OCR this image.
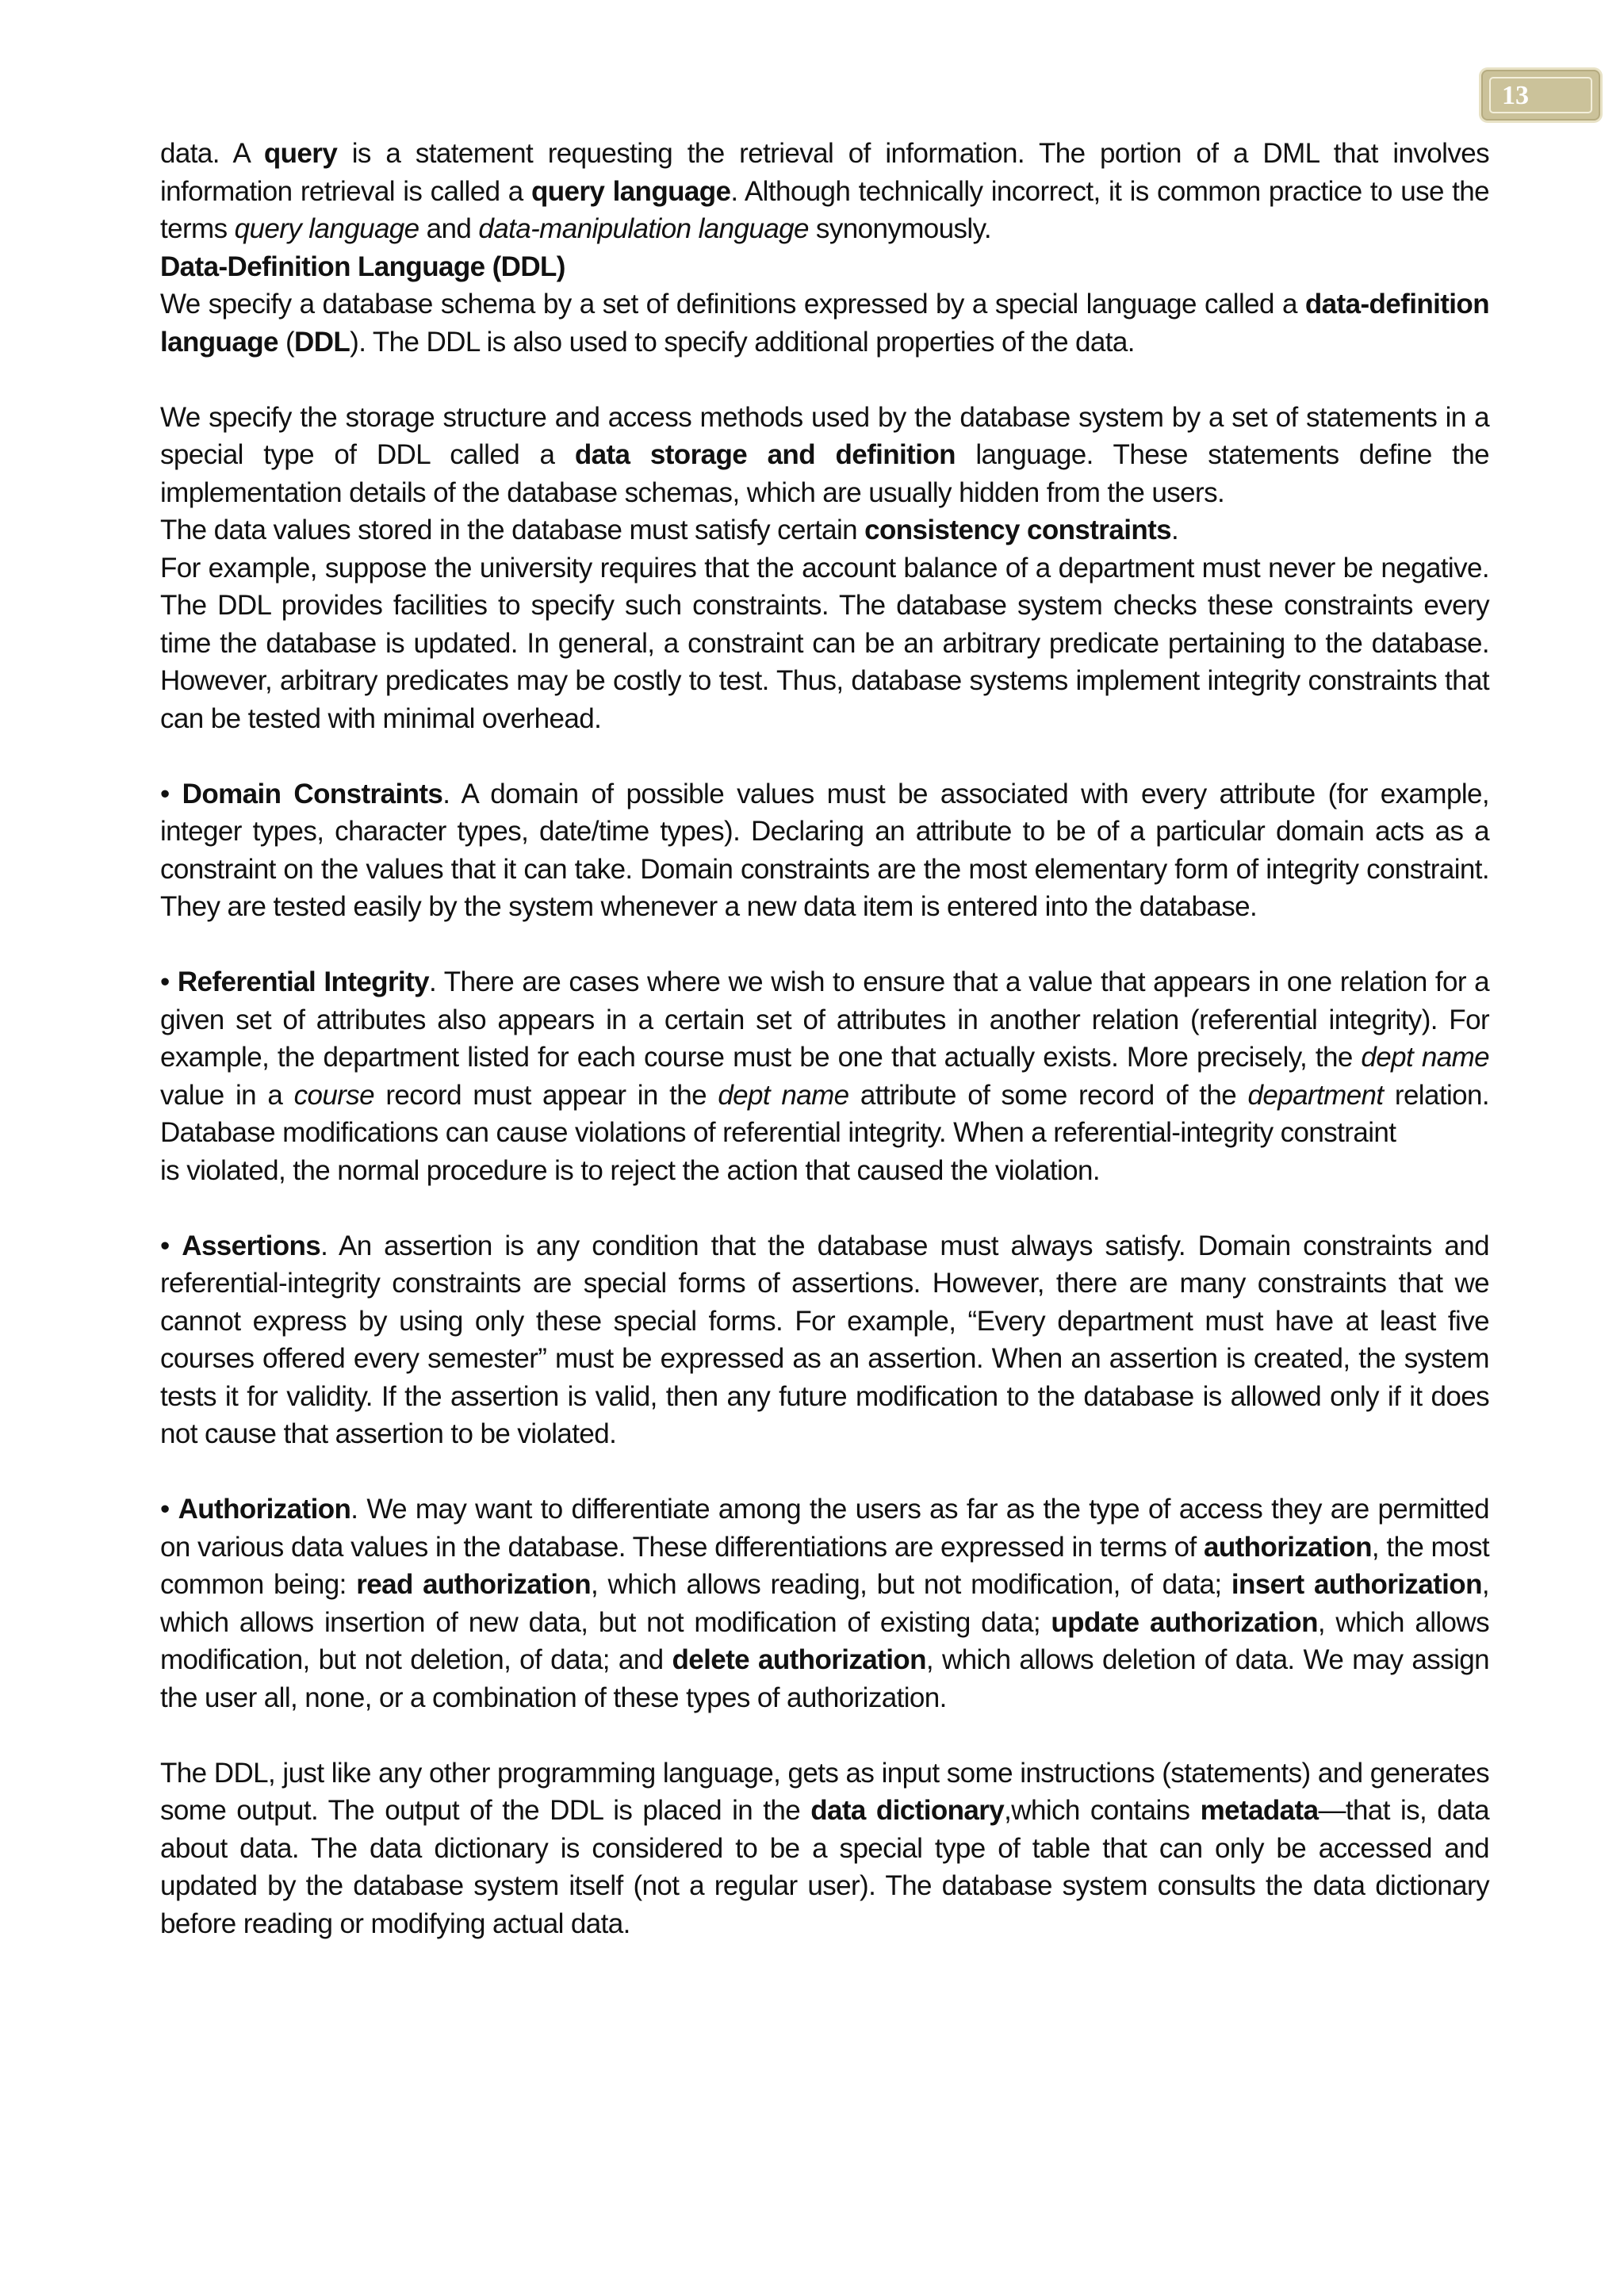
13

data. A query is a statement requesting the retrieval of information. The portion of a DML that involves information retrieval is called a query language. Although technically incorrect, it is common practice to use the terms query language and data-manipulation language synonymously.

Data-Definition Language (DDL)

We specify a database schema by a set of definitions expressed by a special language called a data-definition language (DDL). The DDL is also used to specify additional properties of the data.

We specify the storage structure and access methods used by the database system by a set of statements in a special type of DDL called a data storage and definition language. These statements define the implementation details of the database schemas, which are usually hidden from the users.

The data values stored in the database must satisfy certain consistency constraints.

For example, suppose the university requires that the account balance of a department must never be negative. The DDL provides facilities to specify such constraints. The database system checks these constraints every time the database is updated. In general, a constraint can be an arbitrary predicate pertaining to the database. However, arbitrary predicates may be costly to test. Thus, database systems implement integrity constraints that can be tested with minimal overhead.

• Domain Constraints. A domain of possible values must be associated with every attribute (for example, integer types, character types, date/time types). Declaring an attribute to be of a particular domain acts as a constraint on the values that it can take. Domain constraints are the most elementary form of integrity constraint. They are tested easily by the system whenever a new data item is entered into the database.

• Referential Integrity. There are cases where we wish to ensure that a value that appears in one relation for a given set of attributes also appears in a certain set of attributes in another relation (referential integrity). For example, the department listed for each course must be one that actually exists. More precisely, the dept name value in a course record must appear in the dept name attribute of some record of the department relation. Database modifications can cause violations of referential integrity. When a referential-integrity constraint

is violated, the normal procedure is to reject the action that caused the violation.

• Assertions. An assertion is any condition that the database must always satisfy. Domain constraints and referential-integrity constraints are special forms of assertions. However, there are many constraints that we cannot express by using only these special forms. For example, “Every department must have at least five courses offered every semester” must be expressed as an assertion. When an assertion is created, the system tests it for validity. If the assertion is valid, then any future modification to the database is allowed only if it does not cause that assertion to be violated.

• Authorization. We may want to differentiate among the users as far as the type of access they are permitted on various data values in the database. These differentiations are expressed in terms of authorization, the most common being: read authorization, which allows reading, but not modification, of data; insert authorization, which allows insertion of new data, but not modification of existing data; update authorization, which allows modification, but not deletion, of data; and delete authorization, which allows deletion of data. We may assign the user all, none, or a combination of these types of authorization.

The DDL, just like any other programming language, gets as input some instructions (statements) and generates some output. The output of the DDL is placed in the data dictionary,which contains metadata—that is, data about data. The data dictionary is considered to be a special type of table that can only be accessed and updated by the database system itself (not a regular user). The database system consults the data dictionary before reading or modifying actual data.
